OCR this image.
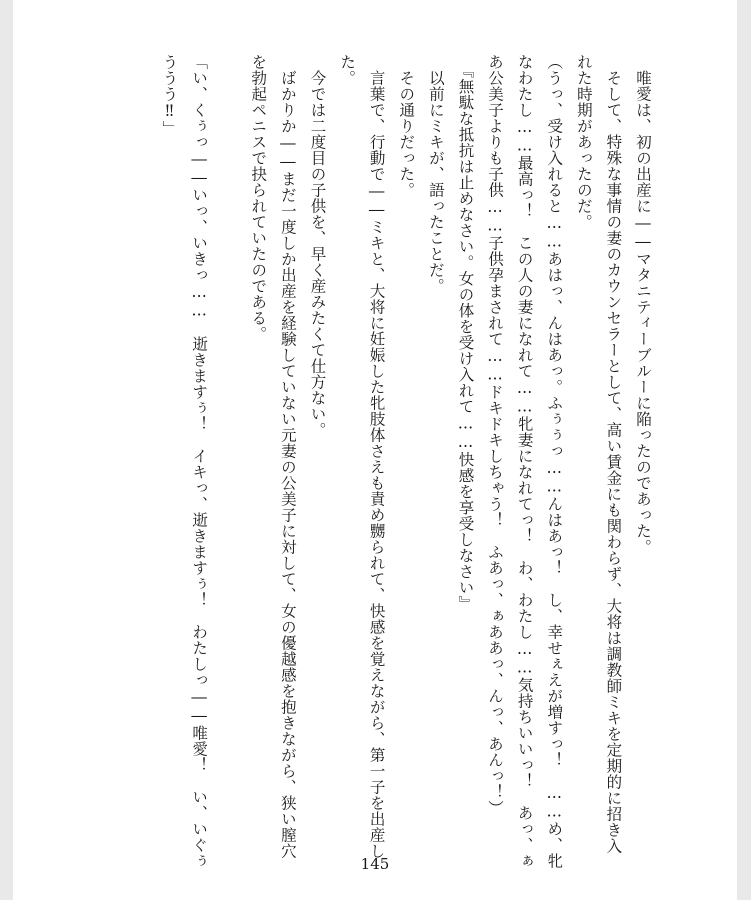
　唯愛は、初の出産に――マタニティーブルーに陥ったのであった。
　そして、特殊な事情の妻のカウンセラーとして、高い賃金にも関わらず、大将は調教師ミキを定期的に招き入
れた時期があったのだ。
（うっ、受け入れると……あはっ、んはあっ。ふぅぅっ……んはあっ！　し、幸せぇえが増すっ！　……め、牝
なわたし……最高っ！　この人の妻になれて……牝妻になれてっ！　わ、わたし……気持ちいいっ！　あっ、ぁ
あ公美子よりも子供……子供孕まされて……ドキドキしちゃう！　ふあっ、ぁああっ、んっ、あんっ！）
　『無駄な抵抗は止めなさい。女の体を受け入れて……快感を享受しなさい』
　以前にミキが、語ったことだ。
　その通りだった。
　言葉で、行動で――ミキと、大将に妊娠した牝肢体さえも責め嬲られて、快感を覚えながら、第一子を出産し
た。
　今では二度目の子供を、早く産みたくて仕方ない。
　ばかりか――まだ一度しか出産を経験していない元妻の公美子に対して、女の優越感を抱きながら、狭い膣穴
を勃起ペニスで抉られていたのである。
「い、くぅっ――いっ、いきっ……　逝きますぅ！　イキっ、逝きますぅ！　わたしっ――唯愛！　い、いぐぅ
ううう‼」
145
